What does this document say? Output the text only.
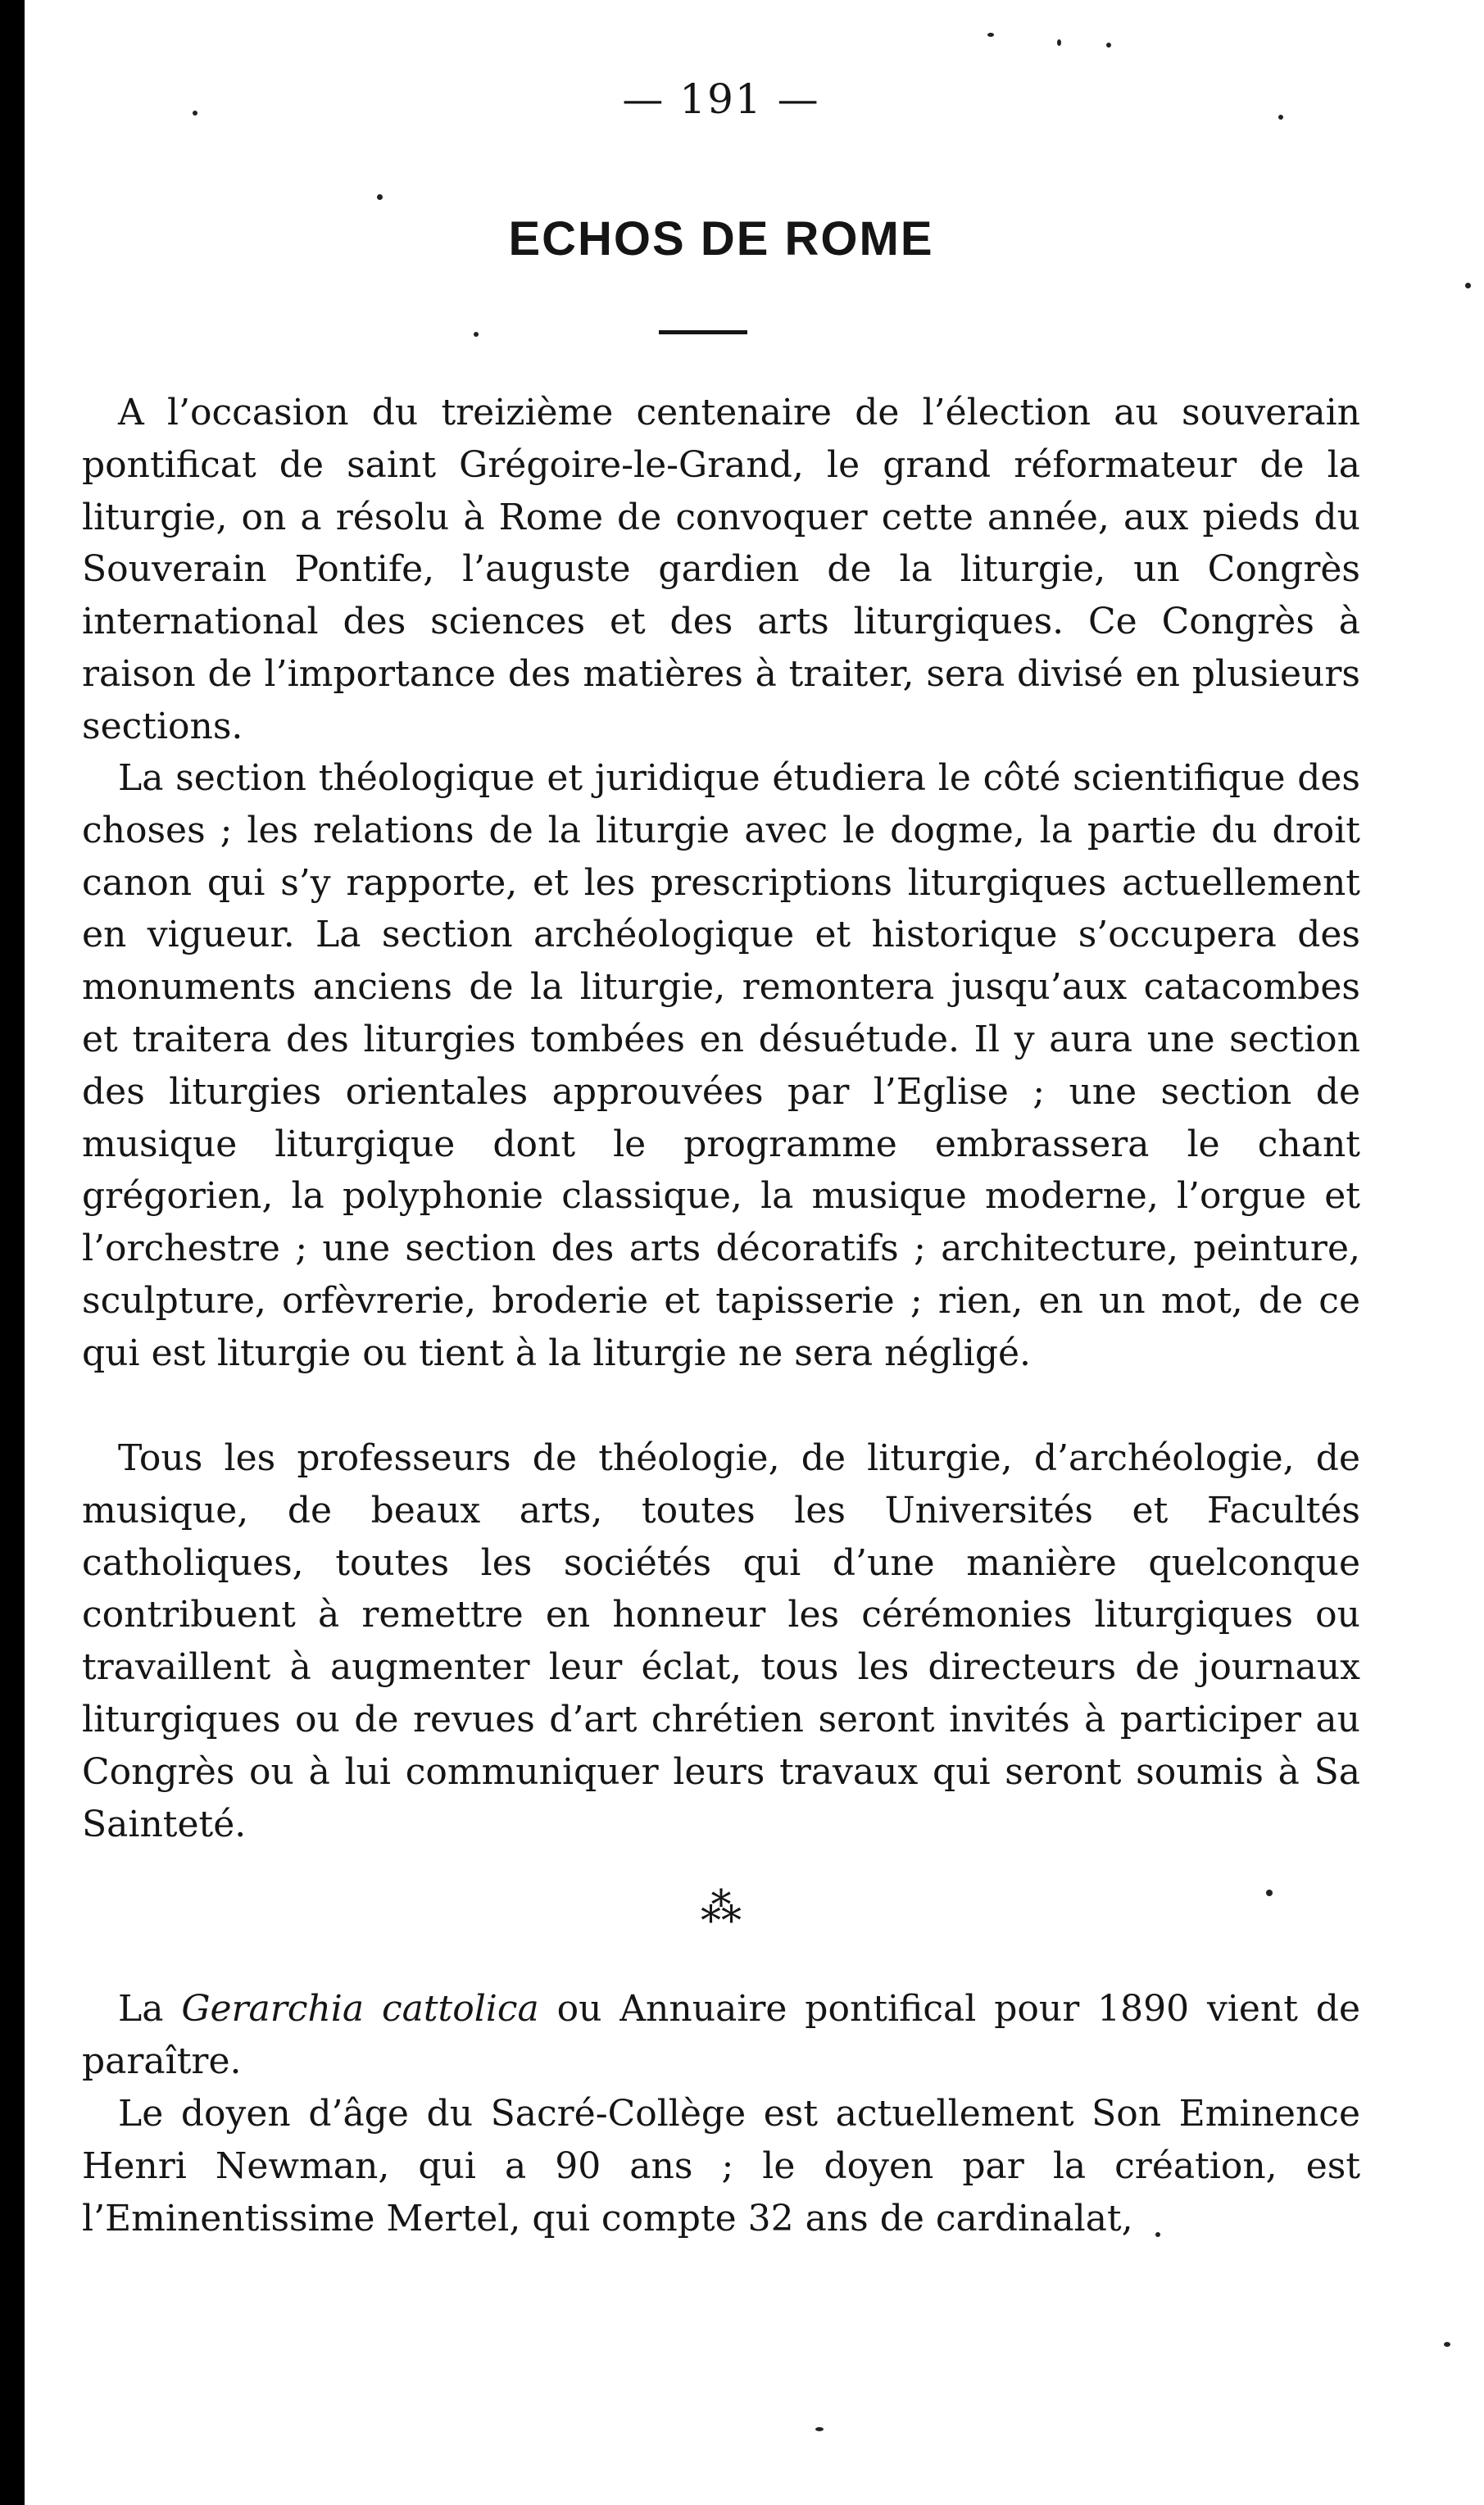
— 191 —
ECHOS DE ROME

A l’occasion du treizième centenaire de l’élection au souverain pontificat de saint Grégoire-le-Grand, le grand réformateur de la liturgie, on a résolu à Rome de convoquer cette année, aux pieds du Souverain Pontife, l’auguste gardien de la liturgie, un Congrès international des sciences et des arts liturgiques. Ce Congrès à raison de l’importance des matières à traiter, sera divisé en plusieurs sections.

La section théologique et juridique étudiera le côté scientifique des choses ; les relations de la liturgie avec le dogme, la partie du droit canon qui s’y rapporte, et les prescriptions liturgiques actuellement en vigueur. La section archéologique et historique s’occupera des monuments anciens de la liturgie, remontera jusqu’aux catacombes et traitera des liturgies tombées en désuétude. Il y aura une section des liturgies orientales approuvées par l’Eglise ; une section de musique liturgique dont le programme embrassera le chant grégorien, la polyphonie classique, la musique moderne, l’orgue et l’orchestre ; une section des arts décoratifs ; architecture, peinture, sculpture, orfèvrerie, broderie et tapisserie ; rien, en un mot, de ce qui est liturgie ou tient à la liturgie ne sera négligé.

Tous les professeurs de théologie, de liturgie, d’archéologie, de musique, de beaux arts, toutes les Universités et Facultés catholiques, toutes les sociétés qui d’une manière quelconque contribuent à remettre en honneur les cérémonies liturgiques ou travaillent à augmenter leur éclat, tous les directeurs de journaux liturgiques ou de revues d’art chrétien seront invités à participer au Congrès ou à lui communiquer leurs travaux qui seront soumis à Sa Sainteté.

⁂

La Gerarchia cattolica ou Annuaire pontifical pour 1890 vient de paraître.

Le doyen d’âge du Sacré-Collège est actuellement Son Eminence Henri Newman, qui a 90 ans ; le doyen par la création, est l’Eminentissime Mertel, qui compte 32 ans de cardinalat,
